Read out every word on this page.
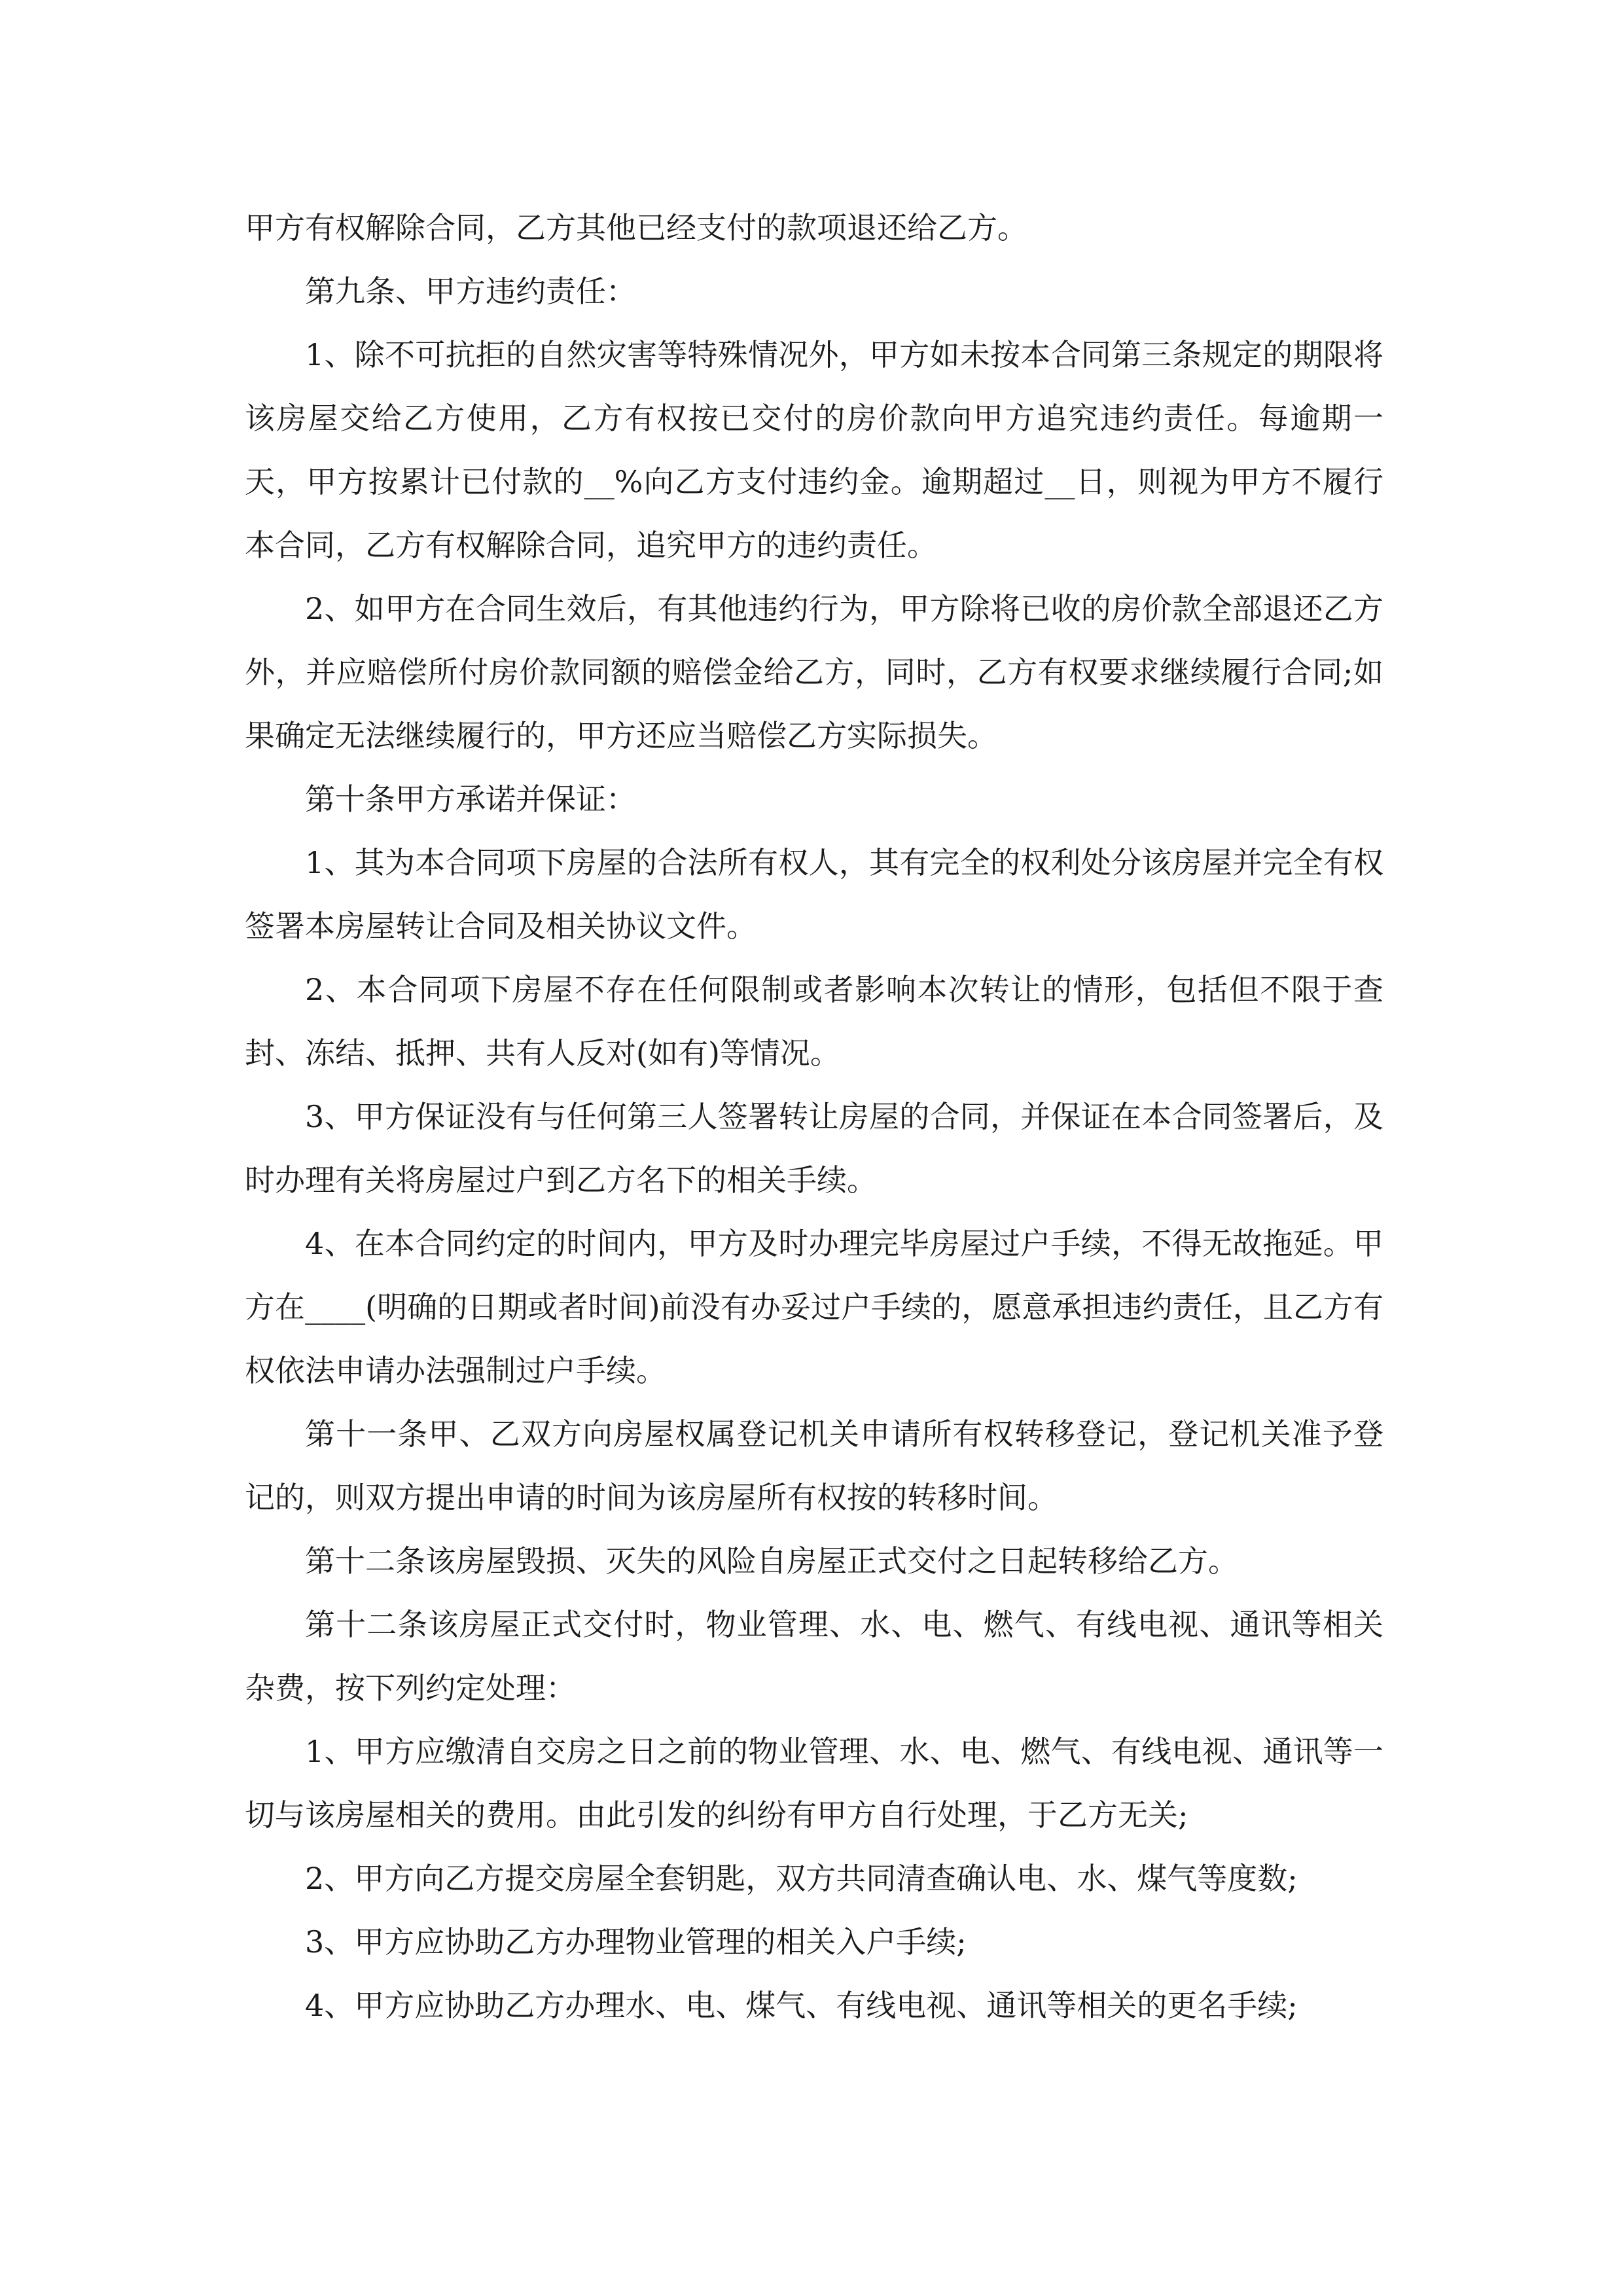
甲方有权解除合同，乙方其他已经支付的款项退还给乙方。

第九条、甲方违约责任：

1、除不可抗拒的自然灾害等特殊情况外，甲方如未按本合同第三条规定的期限将该房屋交给乙方使用，乙方有权按已交付的房价款向甲方追究违约责任。每逾期一天，甲方按累计已付款的__%向乙方支付违约金。逾期超过__日，则视为甲方不履行本合同，乙方有权解除合同，追究甲方的违约责任。

2、如甲方在合同生效后，有其他违约行为，甲方除将已收的房价款全部退还乙方外，并应赔偿所付房价款同额的赔偿金给乙方，同时，乙方有权要求继续履行合同;如果确定无法继续履行的，甲方还应当赔偿乙方实际损失。

第十条甲方承诺并保证：

1、其为本合同项下房屋的合法所有权人，其有完全的权利处分该房屋并完全有权签署本房屋转让合同及相关协议文件。

2、本合同项下房屋不存在任何限制或者影响本次转让的情形，包括但不限于查封、冻结、抵押、共有人反对(如有)等情况。

3、甲方保证没有与任何第三人签署转让房屋的合同，并保证在本合同签署后，及时办理有关将房屋过户到乙方名下的相关手续。

4、在本合同约定的时间内，甲方及时办理完毕房屋过户手续，不得无故拖延。甲方在____(明确的日期或者时间)前没有办妥过户手续的，愿意承担违约责任，且乙方有权依法申请办法强制过户手续。

第十一条甲、乙双方向房屋权属登记机关申请所有权转移登记，登记机关准予登记的，则双方提出申请的时间为该房屋所有权按的转移时间。

第十二条该房屋毁损、灭失的风险自房屋正式交付之日起转移给乙方。

第十二条该房屋正式交付时，物业管理、水、电、燃气、有线电视、通讯等相关杂费，按下列约定处理：

1、甲方应缴清自交房之日之前的物业管理、水、电、燃气、有线电视、通讯等一切与该房屋相关的费用。由此引发的纠纷有甲方自行处理，于乙方无关;

2、甲方向乙方提交房屋全套钥匙，双方共同清查确认电、水、煤气等度数;

3、甲方应协助乙方办理物业管理的相关入户手续;

4、甲方应协助乙方办理水、电、煤气、有线电视、通讯等相关的更名手续;
